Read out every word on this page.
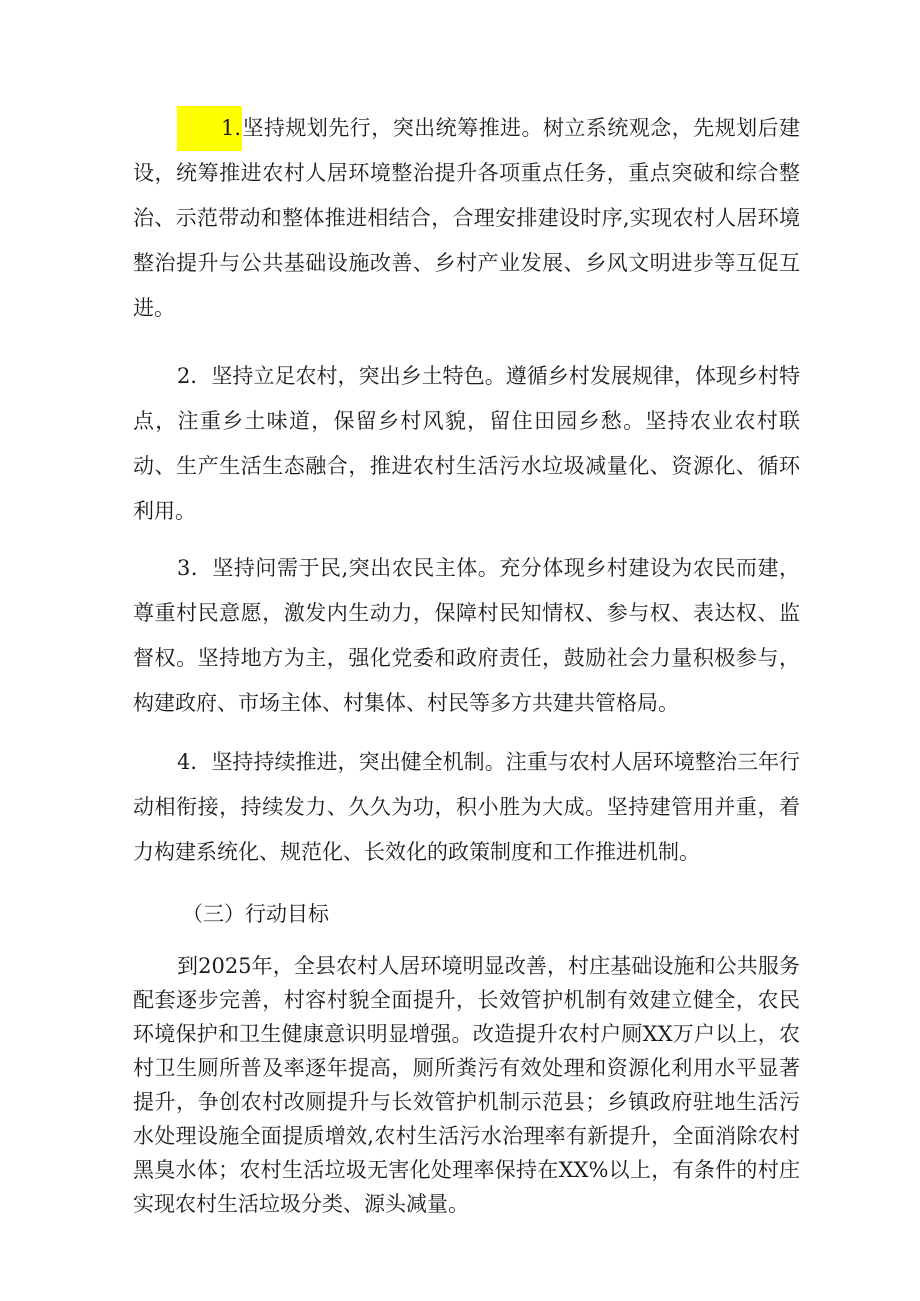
1.坚持规划先行，突出统筹推进。树立系统观念，先规划后建设，统筹推进农村人居环境整治提升各项重点任务，重点突破和综合整治、示范带动和整体推进相结合，合理安排建设时序,实现农村人居环境整治提升与公共基础设施改善、乡村产业发展、乡风文明进步等互促互进。

2．坚持立足农村，突出乡土特色。遵循乡村发展规律，体现乡村特点，注重乡土味道，保留乡村风貌，留住田园乡愁。坚持农业农村联动、生产生活生态融合，推进农村生活污水垃圾减量化、资源化、循环利用。

3．坚持问需于民,突出农民主体。充分体现乡村建设为农民而建，尊重村民意愿，激发内生动力，保障村民知情权、参与权、表达权、监督权。坚持地方为主，强化党委和政府责任，鼓励社会力量积极参与，构建政府、市场主体、村集体、村民等多方共建共管格局。

4．坚持持续推进，突出健全机制。注重与农村人居环境整治三年行动相衔接，持续发力、久久为功，积小胜为大成。坚持建管用并重，着力构建系统化、规范化、长效化的政策制度和工作推进机制。

（三）行动目标

到2025年，全县农村人居环境明显改善，村庄基础设施和公共服务配套逐步完善，村容村貌全面提升，长效管护机制有效建立健全，农民环境保护和卫生健康意识明显增强。改造提升农村户厕XX万户以上，农村卫生厕所普及率逐年提高，厕所粪污有效处理和资源化利用水平显著提升，争创农村改厕提升与长效管护机制示范县；乡镇政府驻地生活污水处理设施全面提质增效,农村生活污水治理率有新提升，全面消除农村黑臭水体；农村生活垃圾无害化处理率保持在XX%以上，有条件的村庄实现农村生活垃圾分类、源头减量。
